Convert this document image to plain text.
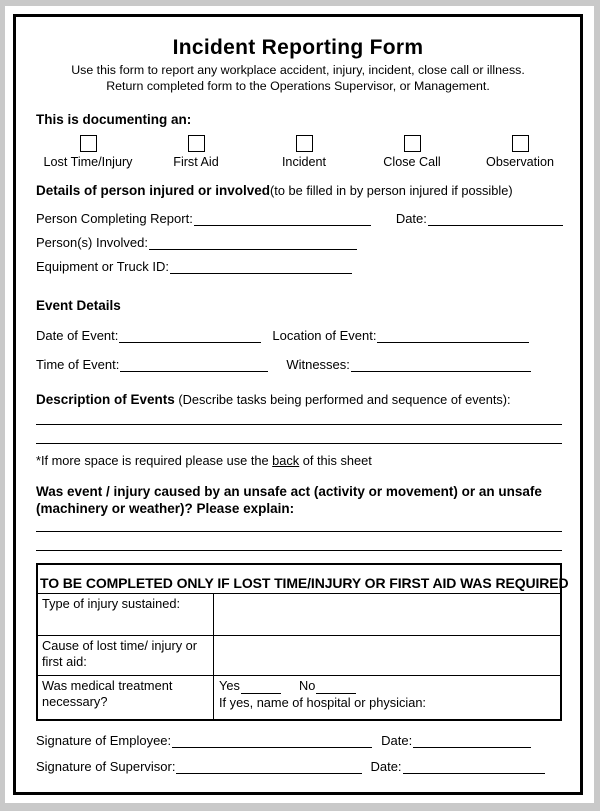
Incident Reporting Form
Use this form to report any workplace accident, injury, incident, close call or illness.
Return completed form to the Operations Supervisor, or Management.
This is documenting an:
Lost Time/Injury	First Aid	Incident	Close Call	Observation
Details of person injured or involved(to be filled in by person injured if possible)
Person Completing Report:	Date:
Person(s) Involved:
Equipment or Truck ID:
Event Details
Date of Event:	Location of Event:
Time of Event:	Witnesses:
Description of Events (Describe tasks being performed and sequence of events):
*If more space is required please use the back of this sheet
Was event / injury caused by an unsafe act (activity or movement) or an unsafe
(machinery or weather)? Please explain:
TO BE COMPLETED ONLY IF LOST TIME/INJURY OR FIRST AID WAS REQUIRED
Type of injury sustained:
Cause of lost time/ injury or first aid:
Was medical treatment necessary?
Yes	No
If yes, name of hospital or physician:
Signature of Employee:	Date:
Signature of Supervisor:	Date:
